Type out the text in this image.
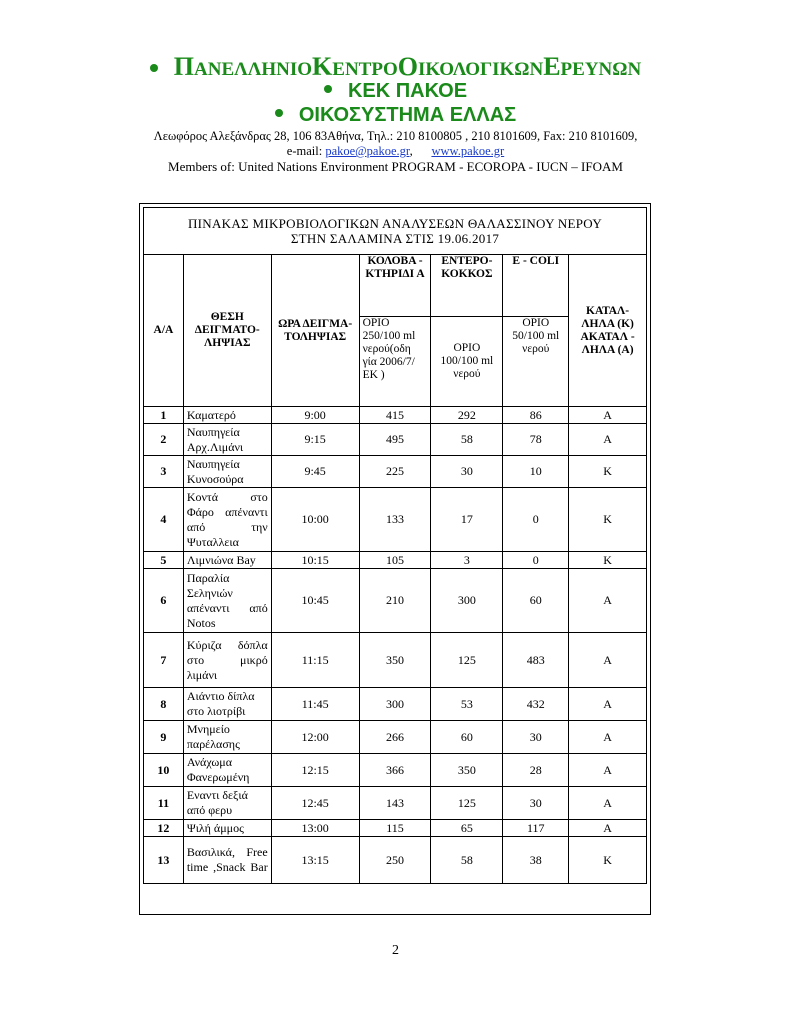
ΠΑΝΕΛΛΗΝΙΟΚΕΝΤΡΟΟΙΚΟΛΟΓΙΚΩΝΕΡΕΥΝΩΝ
ΚΕΚ ΠΑΚΟΕ
ΟΙΚΟΣΥΣΤΗΜΑ ΕΛΛΑΣ
Λεωφόρος Αλεξάνδρας 28, 106 83Αθήνα, Τηλ.: 210 8100805 , 210 8101609, Fax: 210 8101609,
e-mail: pakoe@pakoe.gr, www.pakoe.gr
Members of: United Nations Environment PROGRAM - ECOROPA - IUCN – IFOAM
ΠΙΝΑΚΑΣ ΜΙΚΡΟΒΙΟΛΟΓΙΚΩΝ ΑΝΑΛΥΣΕΩΝ ΘΑΛΑΣΣΙΝΟΥ ΝΕΡΟΥ
ΣΤΗΝ ΣΑΛΑΜΙΝΑ ΣΤΙΣ 19.06.2017						

Α/Α	ΘΕΣΗ ΔΕΙΓΜΑΤΟ-ΛΗΨΙΑΣ	ΩΡΑ ΔΕΙΓΜΑ-ΤΟΛΗΨΙΑΣ	ΚΟΛΟΒΑ - ΚΤΗΡΙΔΙ Α	ΕΝΤΕΡΟ-ΚΟΚΚΟΣ	Ε - COLI	ΚΑΤΑΛ-ΛΗΛΑ (Κ) ΑΚΑΤΑΛ - ΛΗΛΑ (Α)
			ΟΡΙΟ 250/100 ml νερού(οδη γία 2006/7/ΕΚ )	ΟΡΙΟ 100/100 ml νερού	ΟΡΙΟ 50/100 ml νερού	
1	Καματερό	9:00	415	292	86	Α
2	Ναυπηγεία Αρχ.Λιμάνι	9:15	495	58	78	Α
3	Ναυπηγεία Κυνοσούρα	9:45	225	30	10	Κ
4	Κοντά στο Φάρο απέναντι από την Ψυταλλεια	10:00	133	17	0	Κ
5	Λιμνιώνα Bay	10:15	105	3	0	Κ
6	Παραλία Σεληνιών απέναντι από Notos	10:45	210	300	60	Α
7	Κύριζα δόπλα στο μικρό λιμάνι	11:15	350	125	483	Α
8	Αιάντιο δίπλα στο λιοτρίβι	11:45	300	53	432	Α
9	Μνημείο παρέλασης	12:00	266	60	30	Α
10	Ανάχωμα Φανερωμένη	12:15	366	350	28	Α
11	Εναντι δεξιά από φερυ	12:45	143	125	30	Α
12	Ψιλή άμμος	13:00	115	65	117	Α
13	Βασιλικά, Free time ,Snack Bar	13:15	250	58	38	Κ
2
